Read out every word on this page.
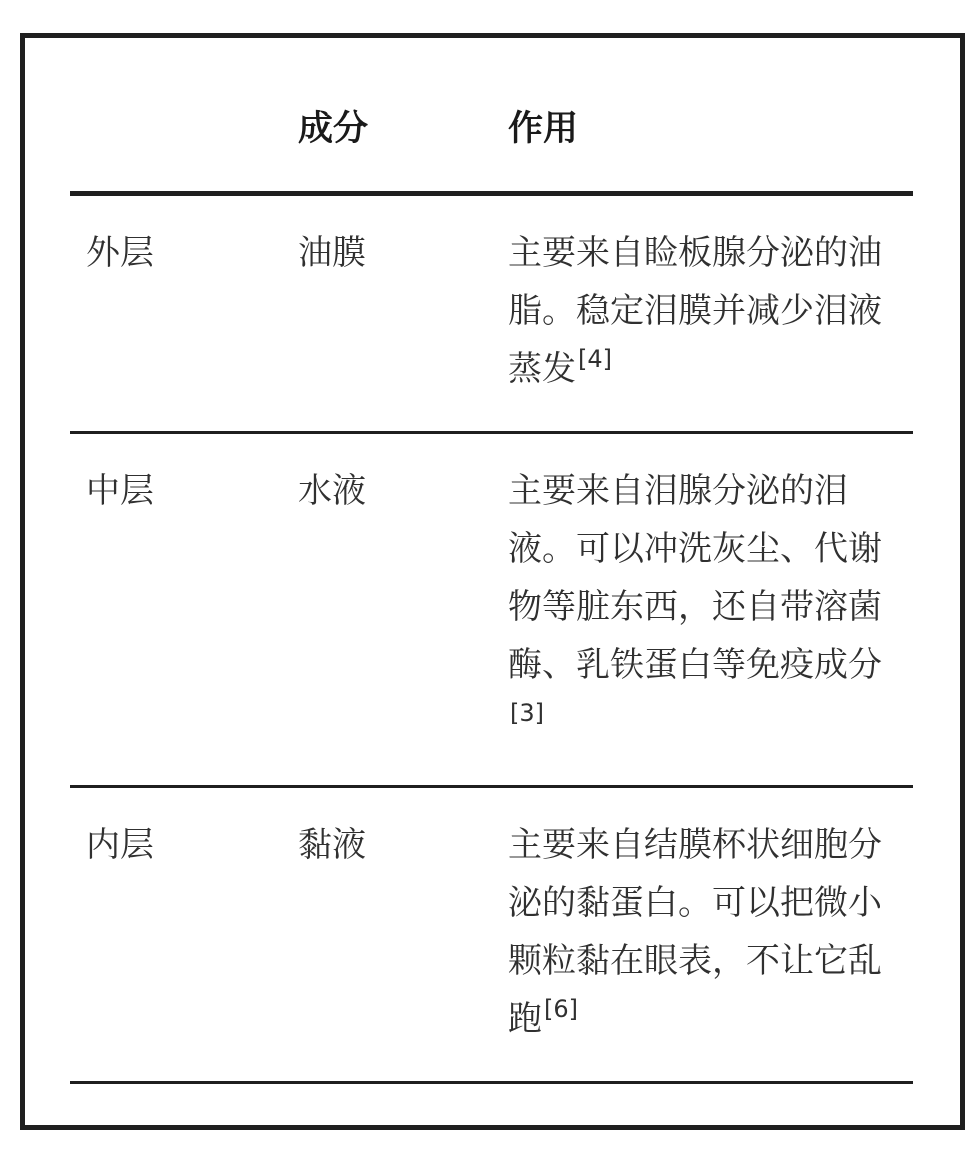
	成分	作用
外层	油膜	主要来自睑板腺分泌的油脂。稳定泪膜并减少泪液蒸发[4]
中层	水液	主要来自泪腺分泌的泪液。可以冲洗灰尘、代谢物等脏东西，还自带溶菌酶、乳铁蛋白等免疫成分[3]
内层	黏液	主要来自结膜杯状细胞分泌的黏蛋白。可以把微小颗粒黏在眼表，不让它乱跑[6]
